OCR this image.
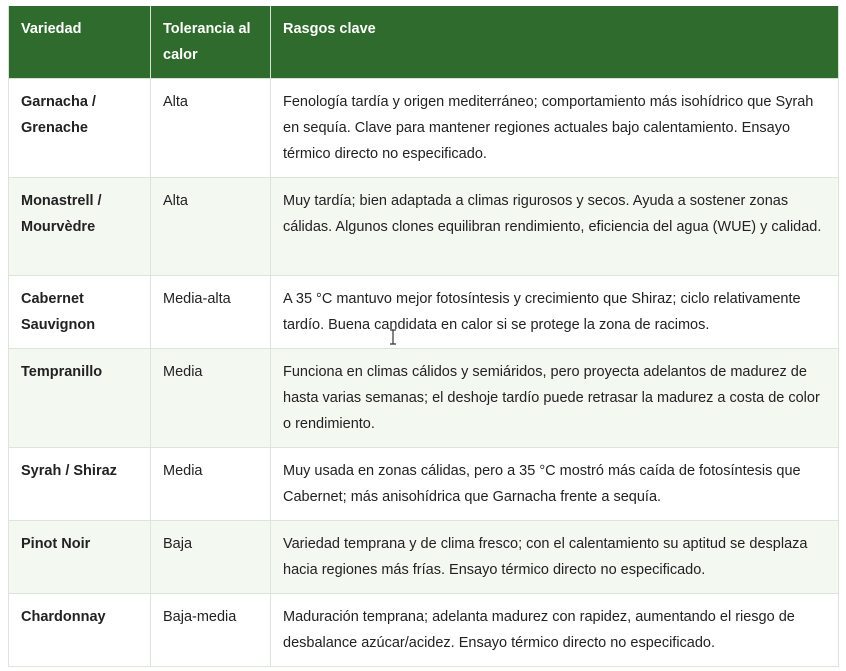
Variedad	Tolerancia al calor	Rasgos clave
Garnacha / Grenache	Alta	Fenología tardía y origen mediterráneo; comportamiento más isohídrico que Syrah en sequía. Clave para mantener regiones actuales bajo calentamiento. Ensayo térmico directo no especificado.
Monastrell / Mourvèdre	Alta	Muy tardía; bien adaptada a climas rigurosos y secos. Ayuda a sostener zonas cálidas. Algunos clones equilibran rendimiento, eficiencia del agua (WUE) y calidad.
Cabernet Sauvignon	Media-alta	A 35 °C mantuvo mejor fotosíntesis y crecimiento que Shiraz; ciclo relativamente tardío. Buena candidata en calor si se protege la zona de racimos.
Tempranillo	Media	Funciona en climas cálidos y semiáridos, pero proyecta adelantos de madurez de hasta varias semanas; el deshoje tardío puede retrasar la madurez a costa de color o rendimiento.
Syrah / Shiraz	Media	Muy usada en zonas cálidas, pero a 35 °C mostró más caída de fotosíntesis que Cabernet; más anisohídrica que Garnacha frente a sequía.
Pinot Noir	Baja	Variedad temprana y de clima fresco; con el calentamiento su aptitud se desplaza hacia regiones más frías. Ensayo térmico directo no especificado.
Chardonnay	Baja-media	Maduración temprana; adelanta madurez con rapidez, aumentando el riesgo de desbalance azúcar/acidez. Ensayo térmico directo no especificado.
